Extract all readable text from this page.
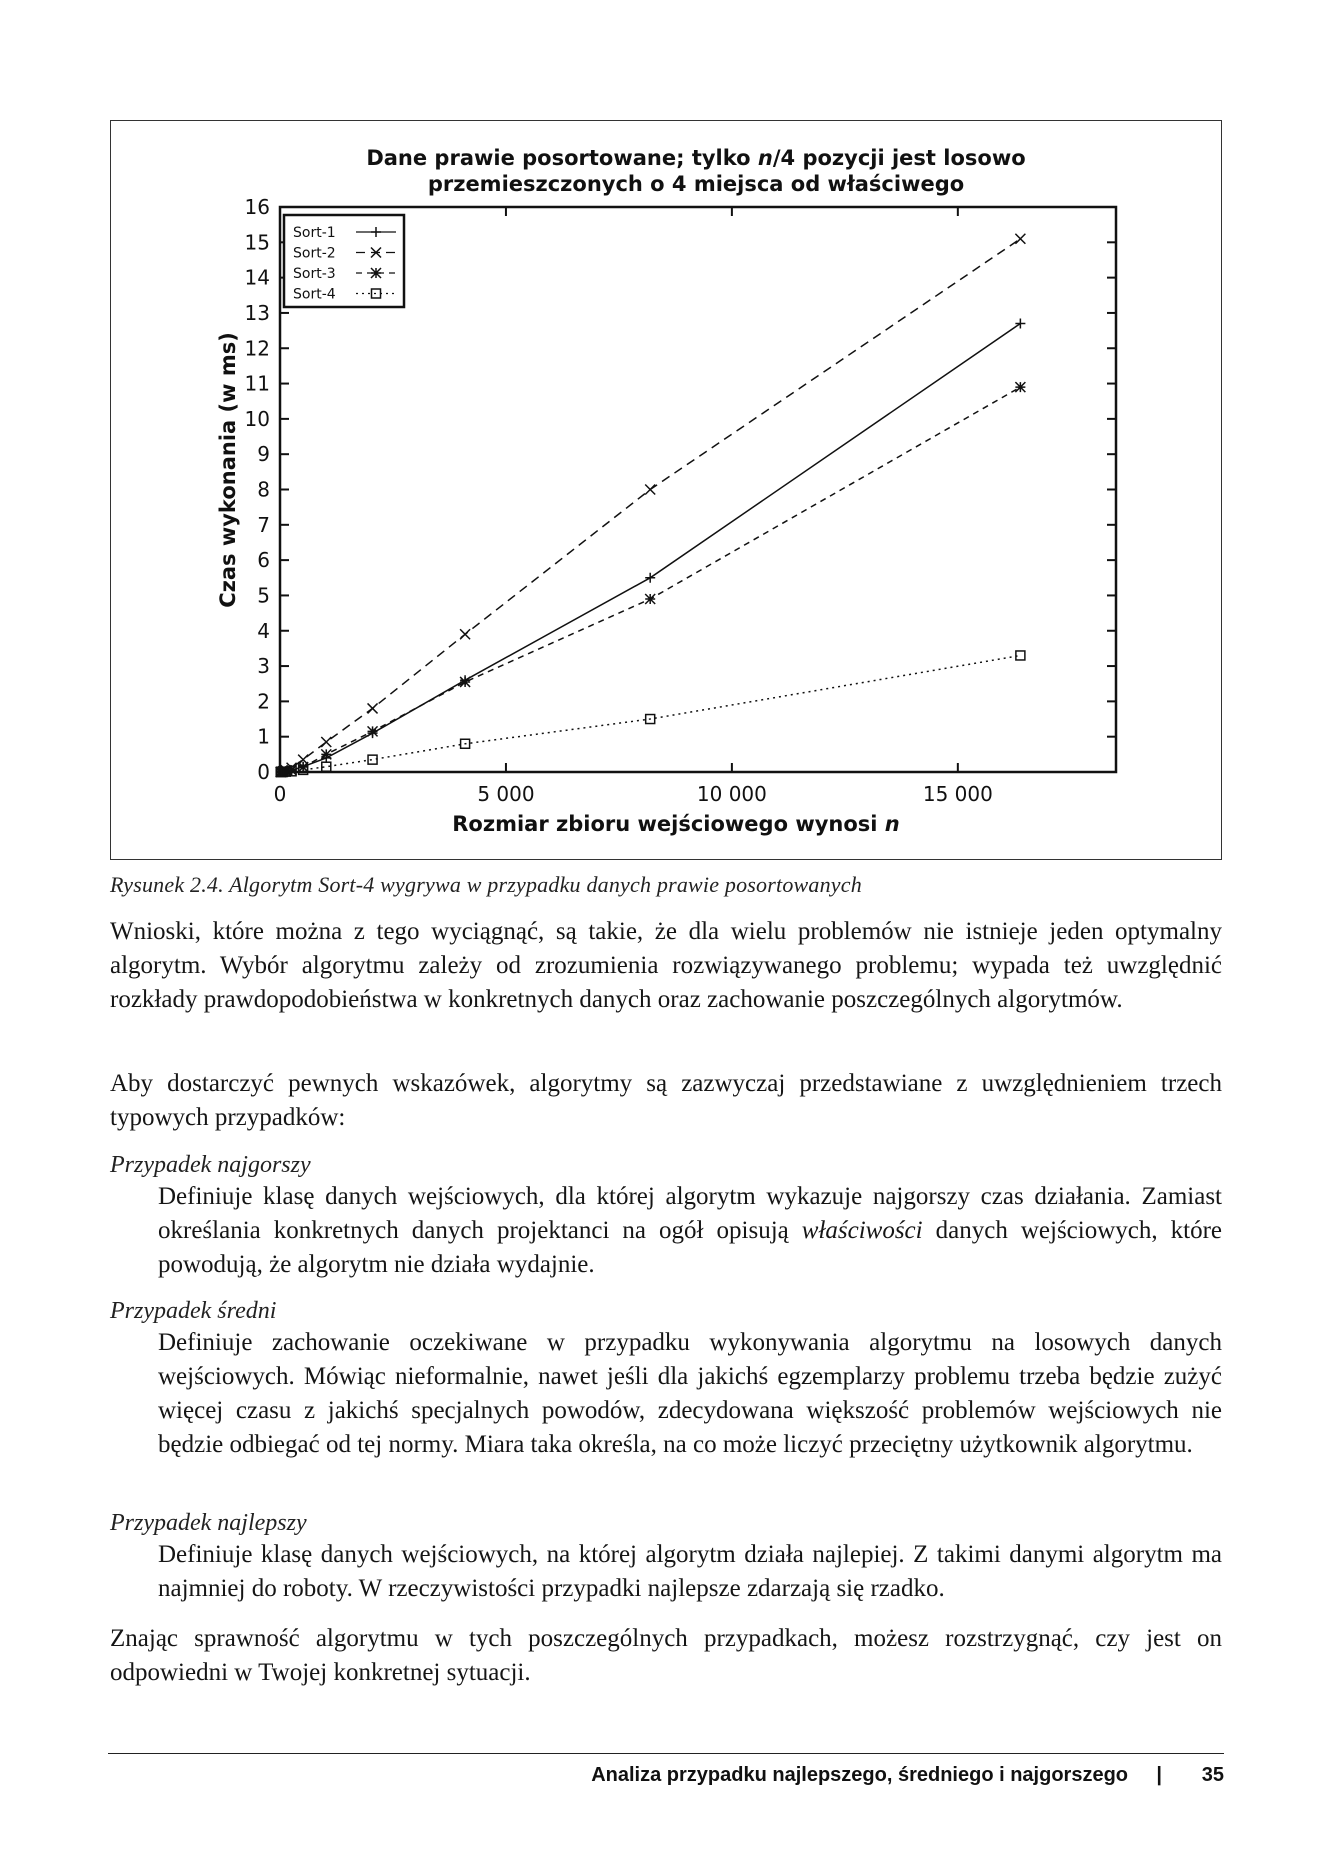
Dane prawie posortowane; tylko n/4 pozycji jest losowo
przemieszczonych o 4 miejsca od właściwego
0
1
2
3
4
5
6
7
8
9
10
11
12
13
14
15
16
0	5 000	10 000	15 000
Sort-1
Sort-2
Sort-3
Sort-4
Czas wykonania (w ms)
Rozmiar zbioru wejściowego wynosi n
Rysunek 2.4. Algorytm Sort-4 wygrywa w przypadku danych prawie posortowanych

Wnioski, które można z tego wyciągnąć, są takie, że dla wielu problemów nie istnieje jeden optymalny algorytm. Wybór algorytmu zależy od zrozumienia rozwiązywanego problemu; wypada też uwzględnić rozkłady prawdopodobieństwa w konkretnych danych oraz zachowanie poszczególnych algorytmów.

Aby dostarczyć pewnych wskazówek, algorytmy są zazwyczaj przedstawiane z uwzględnieniem trzech typowych przypadków:

Przypadek najgorszy

Definiuje klasę danych wejściowych, dla której algorytm wykazuje najgorszy czas działania. Zamiast określania konkretnych danych projektanci na ogół opisują właściwości danych wejściowych, które powodują, że algorytm nie działa wydajnie.

Przypadek średni

Definiuje zachowanie oczekiwane w przypadku wykonywania algorytmu na losowych danych wejściowych. Mówiąc nieformalnie, nawet jeśli dla jakichś egzemplarzy problemu trzeba będzie zużyć więcej czasu z jakichś specjalnych powodów, zdecydowana większość problemów wejściowych nie będzie odbiegać od tej normy. Miara taka określa, na co może liczyć przeciętny użytkownik algorytmu.

Przypadek najlepszy

Definiuje klasę danych wejściowych, na której algorytm działa najlepiej. Z takimi danymi algorytm ma najmniej do roboty. W rzeczywistości przypadki najlepsze zdarzają się rzadko.

Znając sprawność algorytmu w tych poszczególnych przypadkach, możesz rozstrzygnąć, czy jest on odpowiedni w Twojej konkretnej sytuacji.

Analiza przypadku najlepszego, średniego i najgorszego | 35
